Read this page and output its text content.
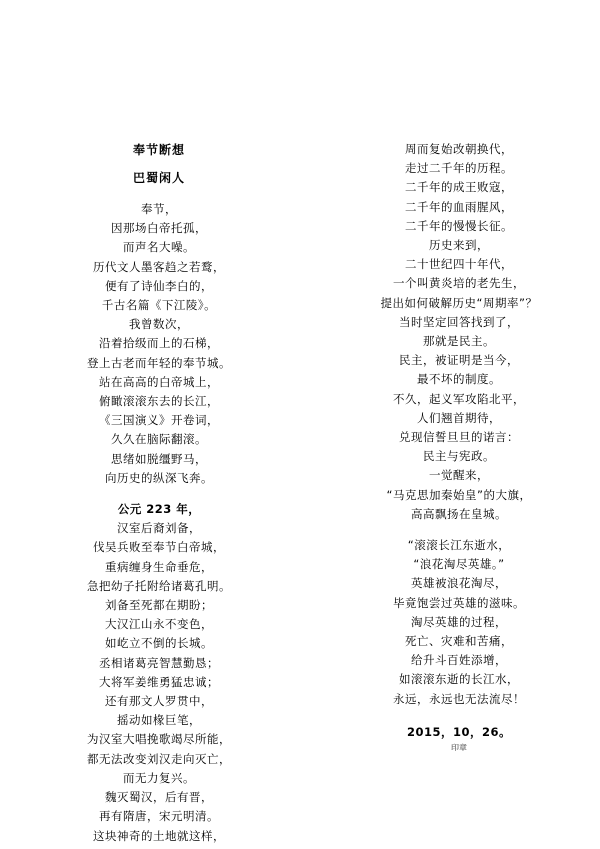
奉节断想
巴蜀闲人
奉节，
因那场白帝托孤，
而声名大噪。
历代文人墨客趋之若鹜，
便有了诗仙李白的，
千古名篇《下江陵》。
我曾数次，
沿着拾级而上的石梯，
登上古老而年轻的奉节城。
站在高高的白帝城上，
俯瞰滚滚东去的长江，
《三国演义》开卷词，
久久在脑际翻滚。
思绪如脱缰野马，
向历史的纵深飞奔。
公元 223 年，
汉室后裔刘备，
伐吴兵败至奉节白帝城，
重病缠身生命垂危，
急把幼子托附给诸葛孔明。
刘备至死都在期盼；
大汉江山永不变色，
如屹立不倒的长城。
丞相诸葛亮智慧勤恳；
大将军姜维勇猛忠诚；
还有那文人罗贯中，
摇动如椽巨笔，
为汉室大唱挽歌竭尽所能，
都无法改变刘汉走向灭亡，
而无力复兴。
魏灭蜀汉，后有晋，
再有隋唐，宋元明清。
这块神奇的土地就这样，
周而复始改朝换代，
走过二千年的历程。
二千年的成王败寇，
二千年的血雨腥风，
二千年的慢慢长征。
历史来到，
二十世纪四十年代，
一个叫黄炎培的老先生，
提出如何破解历史“周期率”？
当时坚定回答找到了，
那就是民主。
民主，被证明是当今，
最不坏的制度。
不久，起义军攻陷北平，
人们翘首期待，
兑现信誓旦旦的诺言：
民主与宪政。
一觉醒来，
“马克思加秦始皇”的大旗，
高高飘扬在皇城。
“滚滚长江东逝水，
“浪花淘尽英雄。”
英雄被浪花淘尽，
毕竟饱尝过英雄的滋味。
淘尽英雄的过程，
死亡、灾难和苦痛，
给升斗百姓添增，
如滚滚东逝的长江水，
永远，永远也无法流尽！
2015，10，26。
印章
